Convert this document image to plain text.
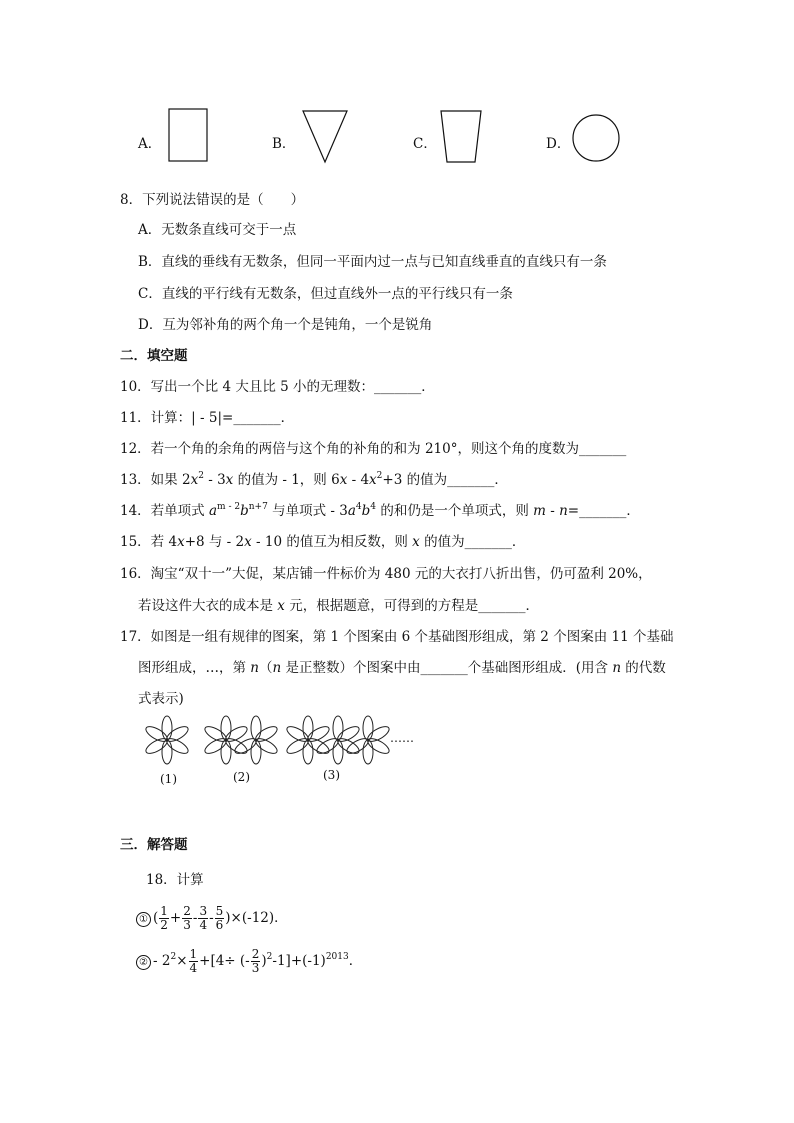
A．	B．	C．	D．
8．下列说法错误的是（　　）
A．无数条直线可交于一点
B．直线的垂线有无数条，但同一平面内过一点与已知直线垂直的直线只有一条
C．直线的平行线有无数条，但过直线外一点的平行线只有一条
D．互为邻补角的两个角一个是钝角，一个是锐角
二．填空题
10．写出一个比 4 大且比 5 小的无理数：_______．
11．计算：| - 5|=_______．
12．若一个角的余角的两倍与这个角的补角的和为 210°，则这个角的度数为_______
13．如果 $2x^2 - 3x$ 的值为 - 1，则 $6x - 4x^2+3$ 的值为_______．
14．若单项式 $a^{m - 2}b^{n+7}$ 与单项式 - $3a^4b^4$ 的和仍是一个单项式，则 m - n=_______．
15．若 4x+8 与 - 2x - 10 的值互为相反数，则 x 的值为_______．
16．淘宝“双十一”大促，某店铺一件标价为 480 元的大衣打八折出售，仍可盈利 20%，
若设这件大衣的成本是 x 元，根据题意，可得到的方程是_______．
17．如图是一组有规律的图案，第 1 个图案由 6 个基础图形组成，第 2 个图案由 11 个基础
图形组成，…，第 n（n 是正整数）个图案中由_______个基础图形组成．(用含 n 的代数
式表示)
……
(1)	(2)	(3)
三．解答题
18．计算
① ( $\frac{1}{2} + \frac{2}{3} - \frac{3}{4} - \frac{5}{6} )\times(-12)$．
② - $2^2\times \frac{1}{4} +[4\div$ (- $\frac{2}{3} )^2-1]+(-1)^{2013}$．
